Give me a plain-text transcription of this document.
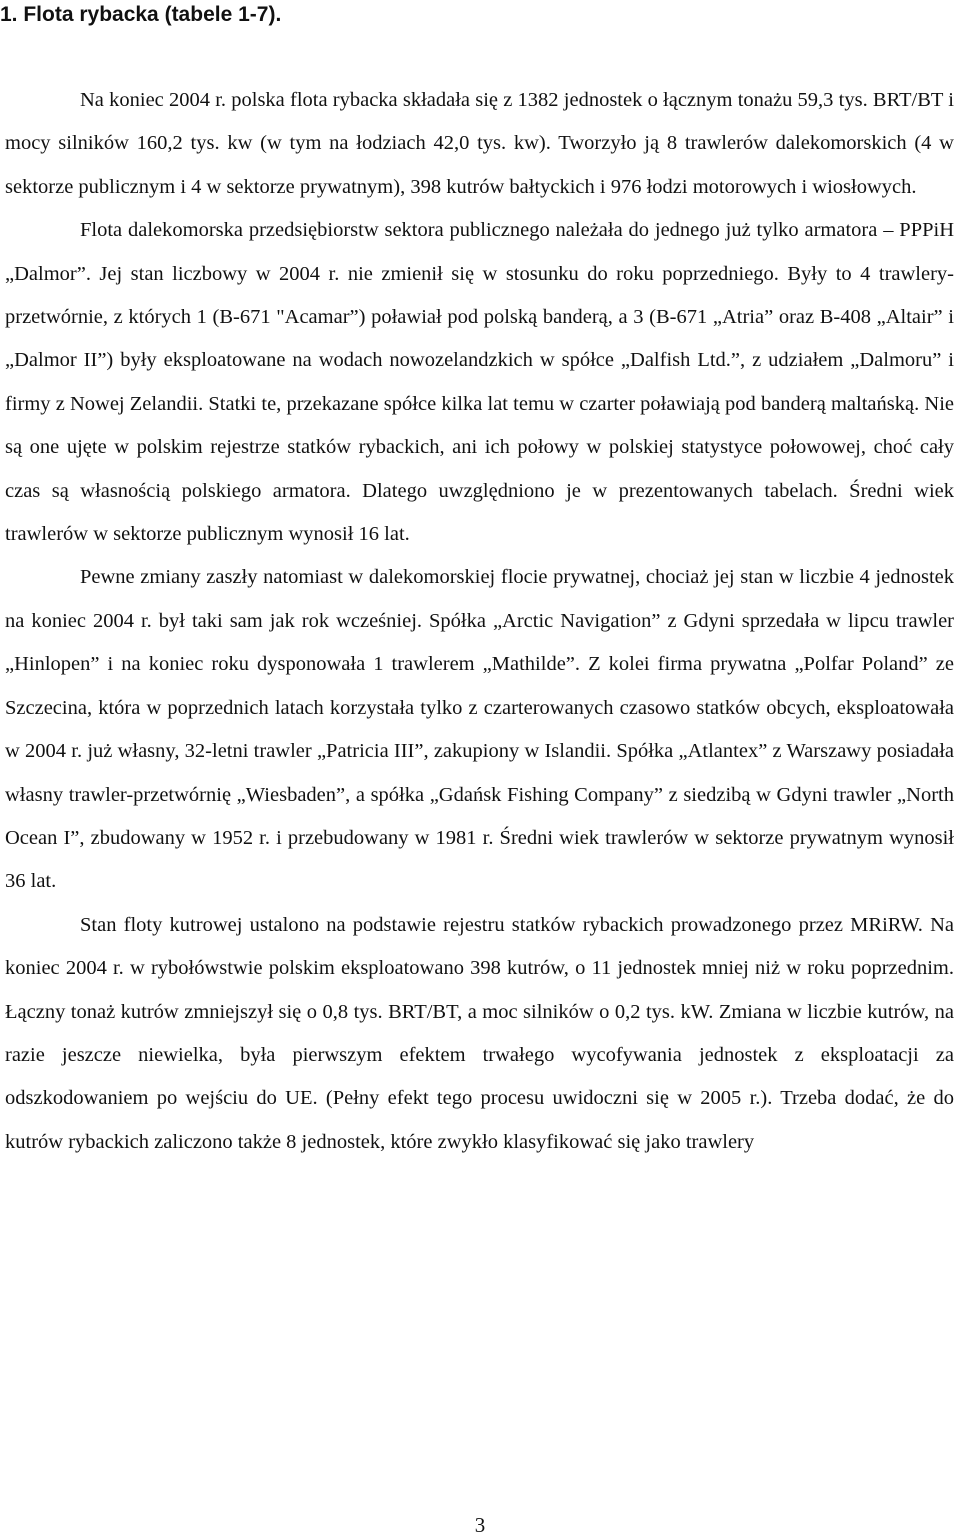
1. Flota rybacka (tabele 1-7).

Na koniec 2004 r. polska flota rybacka składała się z 1382 jednostek o łącznym tonażu 59,3 tys. BRT/BT i mocy silników 160,2 tys. kw (w tym na łodziach 42,0 tys. kw). Tworzyło ją 8 trawlerów dalekomorskich (4 w sektorze publicznym i 4 w sektorze prywatnym), 398 kutrów bałtyckich i 976 łodzi motorowych i wiosłowych.

Flota dalekomorska przedsiębiorstw sektora publicznego należała do jednego już tylko armatora – PPPiH „Dalmor”. Jej stan liczbowy w 2004 r. nie zmienił się w stosunku do roku poprzedniego. Były to 4 trawlery- przetwórnie, z których 1 (B-671 "Acamar”) poławiał pod polską banderą, a 3 (B-671 „Atria” oraz B-408 „Altair” i „Dalmor II”) były eksploatowane na wodach nowozelandzkich w spółce „Dalfish Ltd.”, z udziałem „Dalmoru” i firmy z Nowej Zelandii. Statki te, przekazane spółce kilka lat temu w czarter poławiają pod banderą maltańską. Nie są one ujęte w polskim rejestrze statków rybackich, ani ich połowy w polskiej statystyce połowowej, choć cały czas są własnością polskiego armatora. Dlatego uwzględniono je w prezentowanych tabelach. Średni wiek trawlerów w sektorze publicznym wynosił 16 lat.

Pewne zmiany zaszły natomiast w dalekomorskiej flocie prywatnej, chociaż jej stan w liczbie 4 jednostek na koniec 2004 r. był taki sam jak rok wcześniej. Spółka „Arctic Navigation” z Gdyni sprzedała w lipcu trawler „Hinlopen” i na koniec roku dysponowała 1 trawlerem „Mathilde”. Z kolei firma prywatna „Polfar Poland” ze Szczecina, która w poprzednich latach korzystała tylko z czarterowanych czasowo statków obcych, eksploatowała w 2004 r. już własny, 32-letni trawler „Patricia III”, zakupiony w Islandii. Spółka „Atlantex” z Warszawy posiadała własny trawler-przetwórnię „Wiesbaden”, a spółka „Gdańsk Fishing Company” z siedzibą w Gdyni trawler „North Ocean I”, zbudowany w 1952 r. i przebudowany w 1981 r. Średni wiek trawlerów w sektorze prywatnym wynosił 36 lat.

Stan floty kutrowej ustalono na podstawie rejestru statków rybackich prowadzonego przez MRiRW. Na koniec 2004 r. w rybołówstwie polskim eksploatowano 398 kutrów, o 11 jednostek mniej niż w roku poprzednim. Łączny tonaż kutrów zmniejszył się o 0,8 tys. BRT/BT, a moc silników o 0,2 tys. kW. Zmiana w liczbie kutrów, na razie jeszcze niewielka, była pierwszym efektem trwałego wycofywania jednostek z eksploatacji za odszkodowaniem po wejściu do UE. (Pełny efekt tego procesu uwidoczni się w 2005 r.). Trzeba dodać, że do kutrów rybackich zaliczono także 8 jednostek, które zwykło klasyfikować się jako trawlery

3
